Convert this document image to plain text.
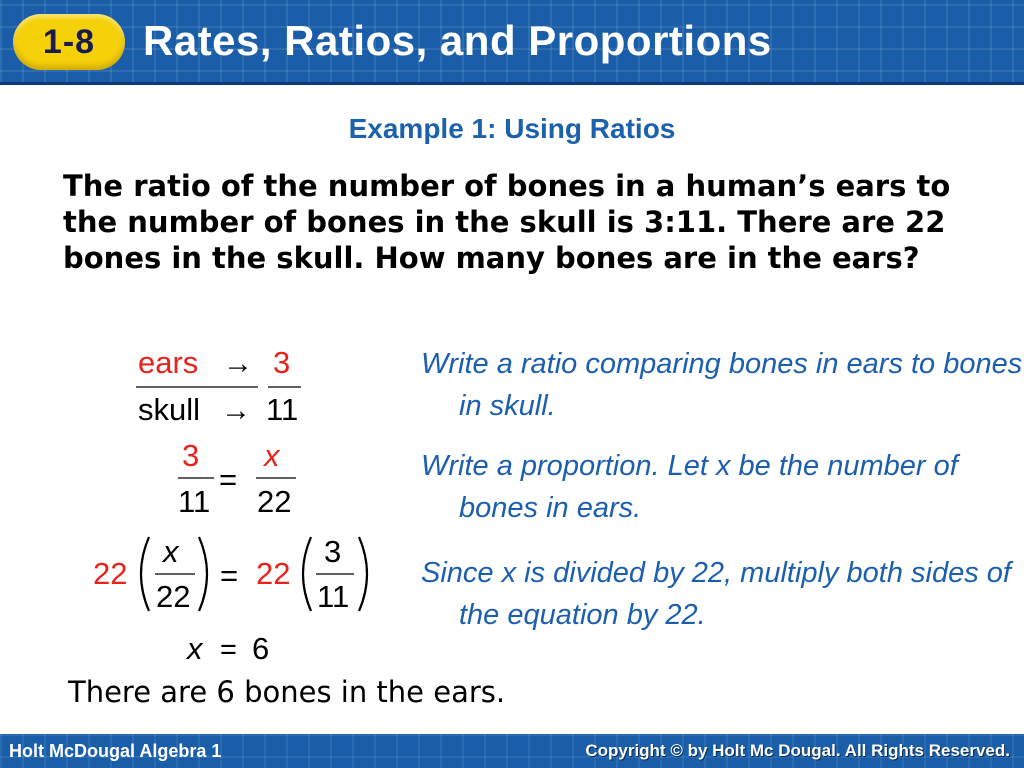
1-8 Rates, Ratios, and Proportions
Example 1: Using Ratios

The ratio of the number of bones in a human’s ears to the number of bones in the skull is 3:11. There are 22 bones in the skull. How many bones are in the ears?

ears → 3
skull → 11
3
11
=
x
22
22
x
22
= 22
3
11
x = 6

Write a ratio comparing bones in ears to bones in skull.

Write a proportion. Let x be the number of bones in ears.

Since x is divided by 22, multiply both sides of the equation by 22.

There are 6 bones in the ears.
Holt McDougal Algebra 1	Copyright © by Holt Mc Dougal. All Rights Reserved.
